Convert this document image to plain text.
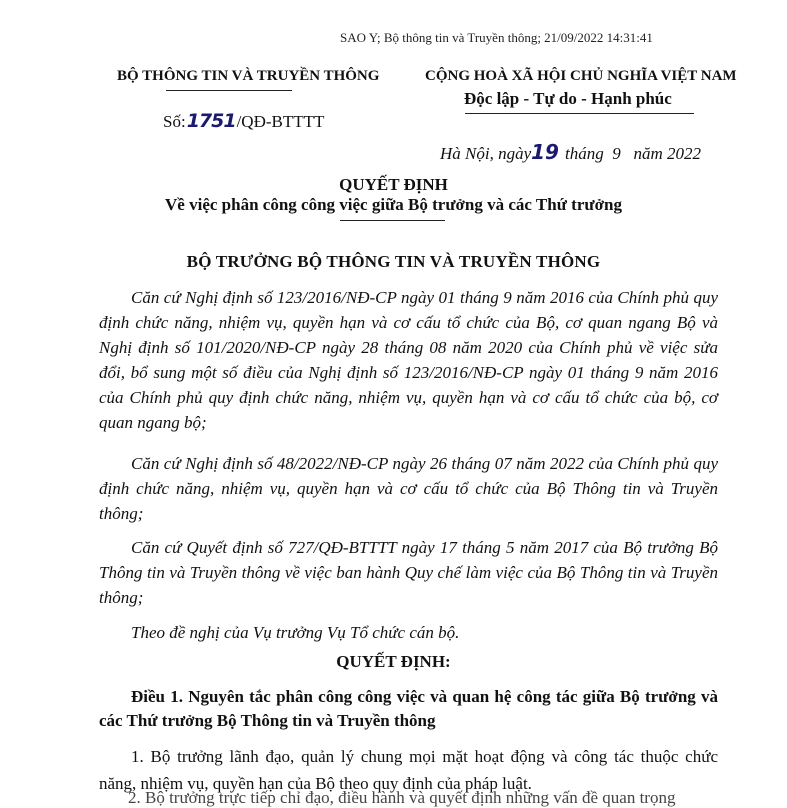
SAO Y; Bộ thông tin và Truyền thông; 21/09/2022 14:31:41
BỘ THÔNG TIN VÀ TRUYỀN THÔNG
Số:1751/QĐ-BTTTT
CỘNG HOÀ XÃ HỘI CHỦ NGHĨA VIỆT NAM
Độc lập - Tự do - Hạnh phúc
Hà Nội, ngày19 tháng  9   năm 2022
QUYẾT ĐỊNH
Về việc phân công công việc giữa Bộ trưởng và các Thứ trưởng
BỘ TRƯỞNG BỘ THÔNG TIN VÀ TRUYỀN THÔNG
Căn cứ Nghị định số 123/2016/NĐ-CP ngày 01 tháng 9 năm 2016 của Chính phủ quy định chức năng, nhiệm vụ, quyền hạn và cơ cấu tổ chức của Bộ, cơ quan ngang Bộ và Nghị định số 101/2020/NĐ-CP ngày 28 tháng 08 năm 2020 của Chính phủ về việc sửa đổi, bổ sung một số điều của Nghị định số 123/2016/NĐ-CP ngày 01 tháng 9 năm 2016 của Chính phủ quy định chức năng, nhiệm vụ, quyền hạn và cơ cấu tổ chức của bộ, cơ quan ngang bộ;
Căn cứ Nghị định số 48/2022/NĐ-CP ngày 26 tháng 07 năm 2022 của Chính phủ quy định chức năng, nhiệm vụ, quyền hạn và cơ cấu tổ chức của Bộ Thông tin và Truyền thông;
Căn cứ Quyết định số 727/QĐ-BTTTT ngày 17 tháng 5 năm 2017 của Bộ trưởng Bộ Thông tin và Truyền thông về việc ban hành Quy chế làm việc của Bộ Thông tin và Truyền thông;
Theo đề nghị của Vụ trưởng Vụ Tổ chức cán bộ.
QUYẾT ĐỊNH:
Điều 1. Nguyên tắc phân công công việc và quan hệ công tác giữa Bộ trưởng và các Thứ trưởng Bộ Thông tin và Truyền thông
1. Bộ trưởng lãnh đạo, quản lý chung mọi mặt hoạt động và công tác thuộc chức năng, nhiệm vụ, quyền hạn của Bộ theo quy định của pháp luật.
2. Bộ trưởng trực tiếp chỉ đạo, điều hành và quyết định những vấn đề quan trọng
